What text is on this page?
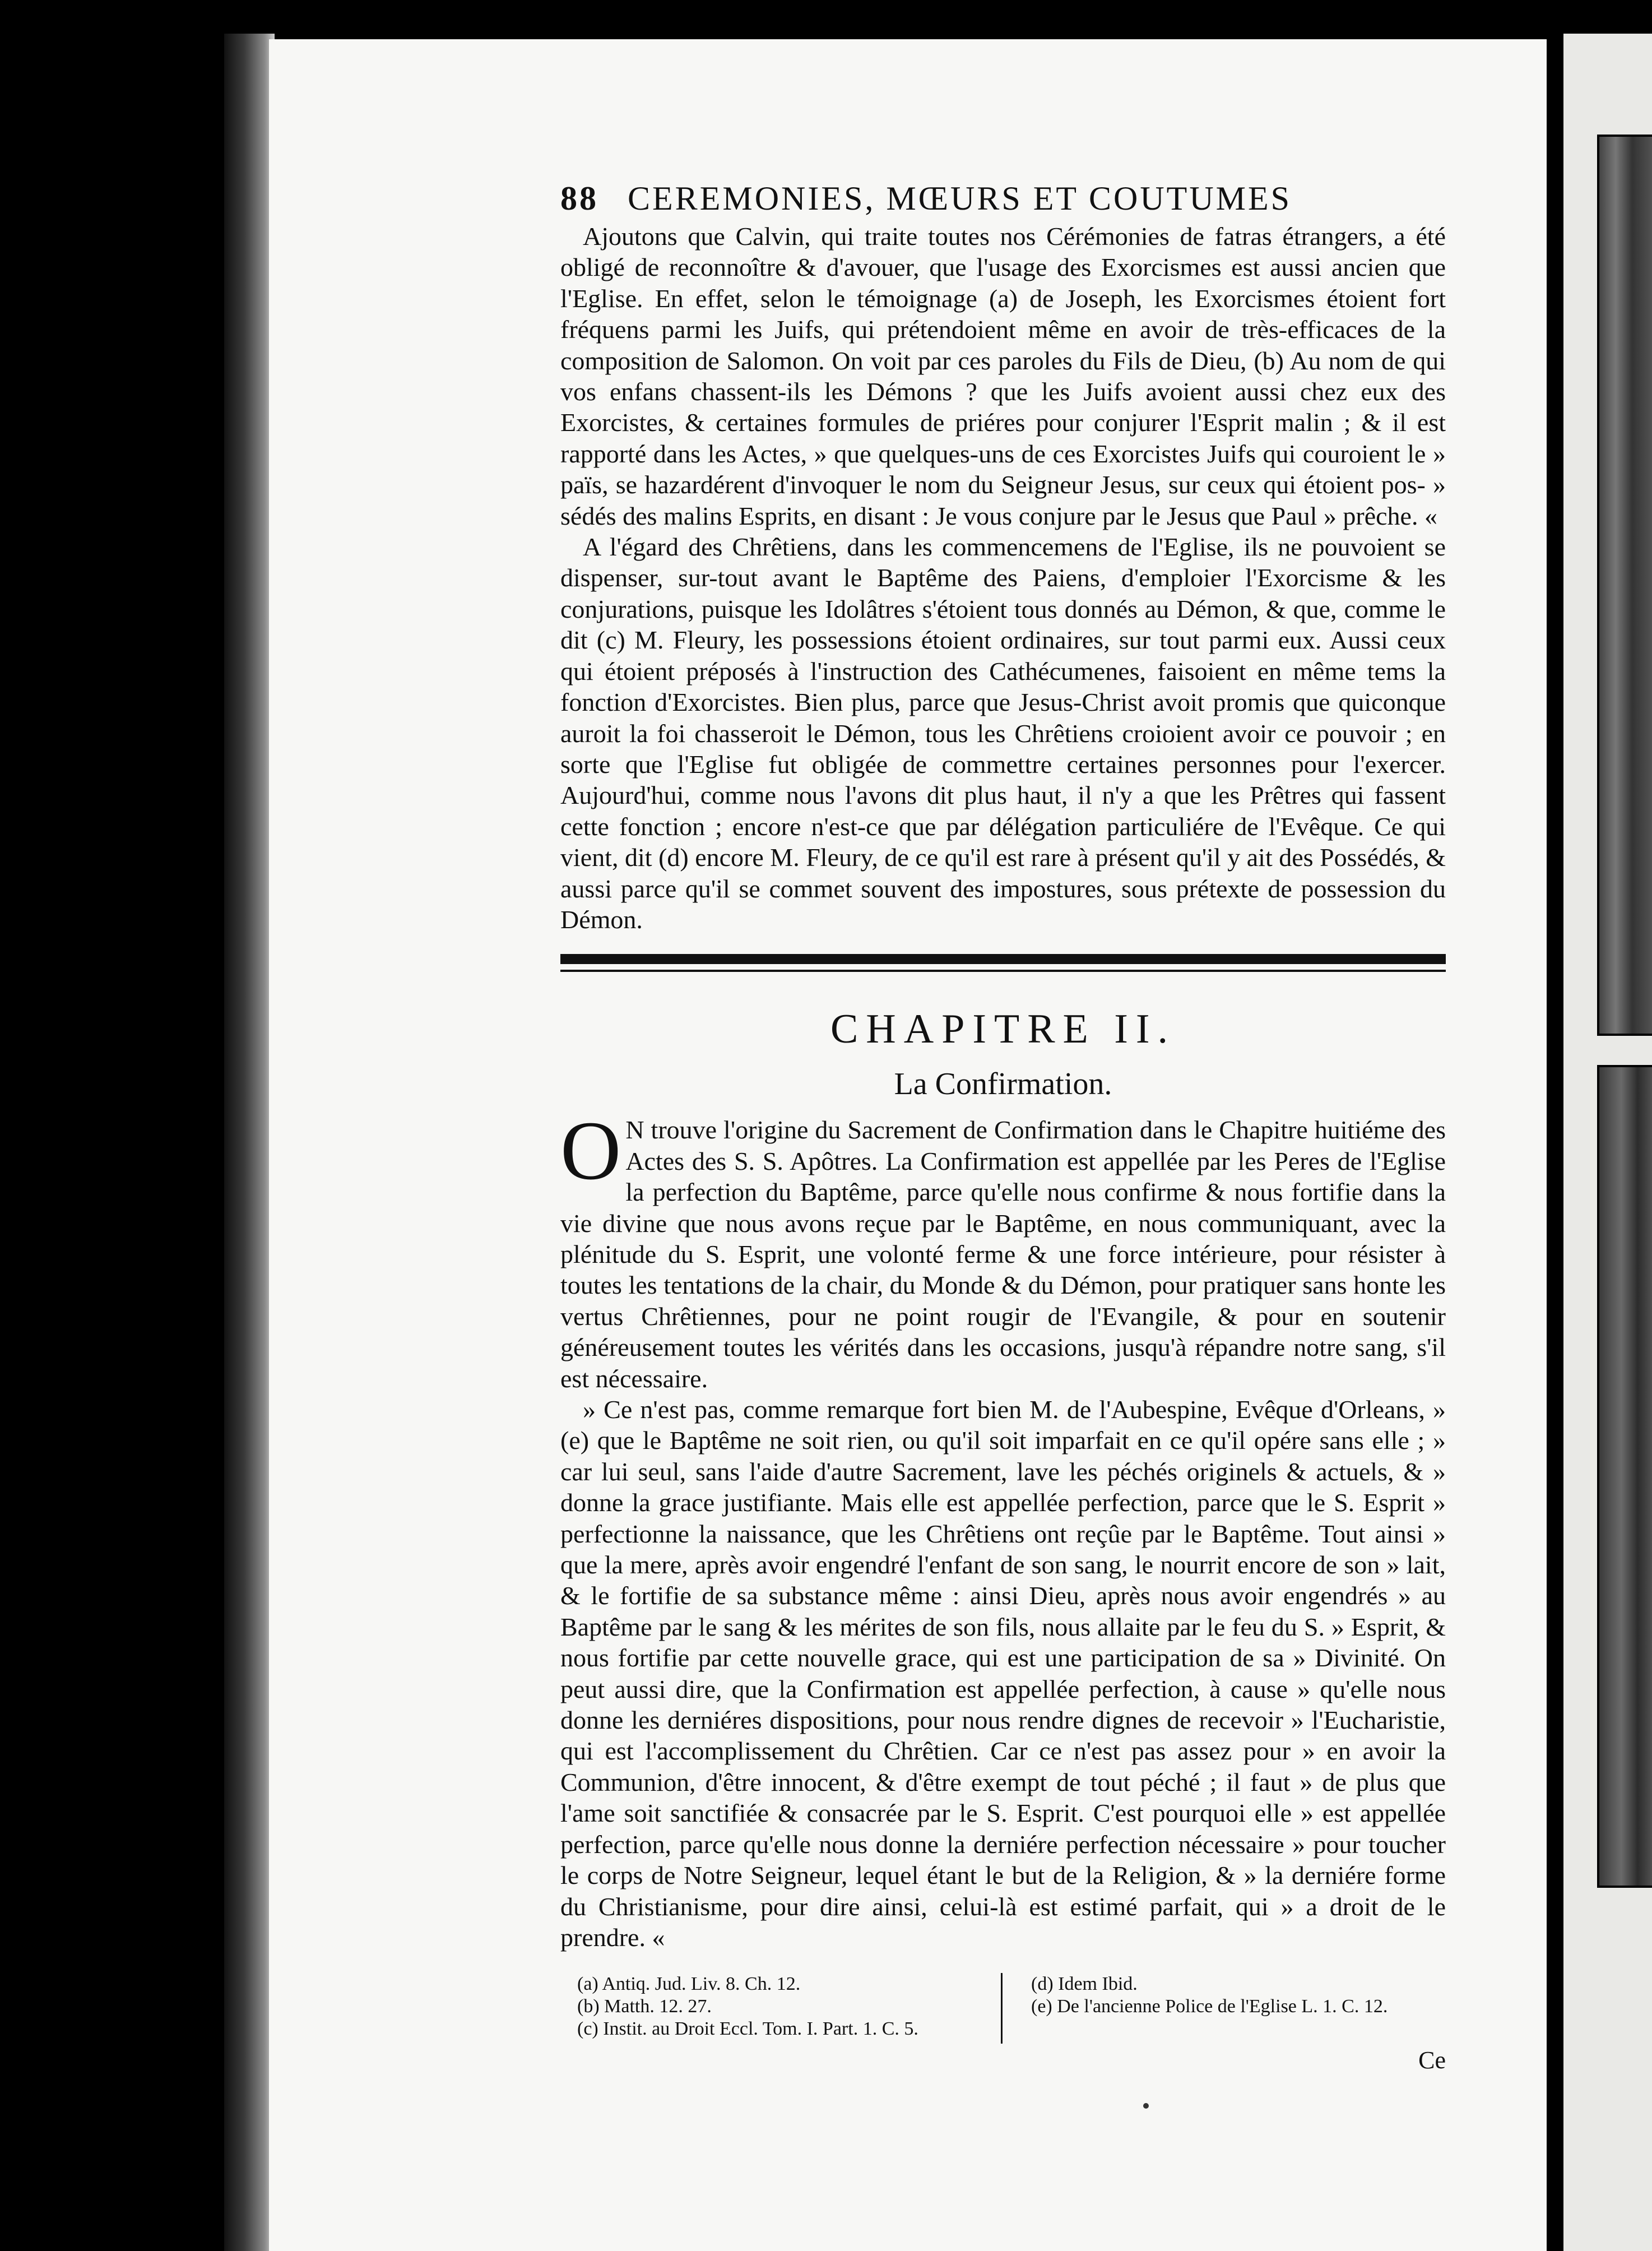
88 CEREMONIES, MŒURS ET COUTUMES

Ajoutons que Calvin, qui traite toutes nos Cérémonies de fatras étrangers, a été obligé de reconnoître & d'avouer, que l'usage des Exorcismes est aussi ancien que l'Eglise. En effet, selon le témoignage (a) de Joseph, les Exorcismes étoient fort fréquens parmi les Juifs, qui prétendoient même en avoir de très-efficaces de la composition de Salomon. On voit par ces paroles du Fils de Dieu, (b) Au nom de qui vos enfans chassent-ils les Démons ? que les Juifs avoient aussi chez eux des Exorcistes, & certaines formules de priéres pour conjurer l'Esprit malin ; & il est rapporté dans les Actes, » que quelques-uns de ces Exorcistes Juifs qui couroient le » païs, se hazardérent d'invoquer le nom du Seigneur Jesus, sur ceux qui étoient pos- » sédés des malins Esprits, en disant : Je vous conjure par le Jesus que Paul » prêche. «

A l'égard des Chrêtiens, dans les commencemens de l'Eglise, ils ne pouvoient se dispenser, sur-tout avant le Baptême des Paiens, d'emploier l'Exorcisme & les conjurations, puisque les Idolâtres s'étoient tous donnés au Démon, & que, comme le dit (c) M. Fleury, les possessions étoient ordinaires, sur tout parmi eux. Aussi ceux qui étoient préposés à l'instruction des Cathécumenes, faisoient en même tems la fonction d'Exorcistes. Bien plus, parce que Jesus-Christ avoit promis que quiconque auroit la foi chasseroit le Démon, tous les Chrêtiens croioient avoir ce pouvoir ; en sorte que l'Eglise fut obligée de commettre certaines personnes pour l'exercer. Aujourd'hui, comme nous l'avons dit plus haut, il n'y a que les Prêtres qui fassent cette fonction ; encore n'est-ce que par délégation particuliére de l'Evêque. Ce qui vient, dit (d) encore M. Fleury, de ce qu'il est rare à présent qu'il y ait des Possédés, & aussi parce qu'il se commet souvent des impostures, sous prétexte de possession du Démon.

CHAPITRE II.
La Confirmation.
O N trouve l'origine du Sacrement de Confirmation dans le Chapitre huitiéme des Actes des S. S. Apôtres. La Confirmation est appellée par les Peres de l'Eglise la perfection du Baptême, parce qu'elle nous confirme & nous fortifie dans la vie divine que nous avons reçue par le Baptême, en nous communiquant, avec la plénitude du S. Esprit, une volonté ferme & une force intérieure, pour résister à toutes les tentations de la chair, du Monde & du Démon, pour pratiquer sans honte les vertus Chrêtiennes, pour ne point rougir de l'Evangile, & pour en soutenir généreusement toutes les vérités dans les occasions, jusqu'à répandre notre sang, s'il est nécessaire.

» Ce n'est pas, comme remarque fort bien M. de l'Aubespine, Evêque d'Orleans, » (e) que le Baptême ne soit rien, ou qu'il soit imparfait en ce qu'il opére sans elle ; » car lui seul, sans l'aide d'autre Sacrement, lave les péchés originels & actuels, & » donne la grace justifiante. Mais elle est appellée perfection, parce que le S. Esprit » perfectionne la naissance, que les Chrêtiens ont reçûe par le Baptême. Tout ainsi » que la mere, après avoir engendré l'enfant de son sang, le nourrit encore de son » lait, & le fortifie de sa substance même : ainsi Dieu, après nous avoir engendrés » au Baptême par le sang & les mérites de son fils, nous allaite par le feu du S. » Esprit, & nous fortifie par cette nouvelle grace, qui est une participation de sa » Divinité. On peut aussi dire, que la Confirmation est appellée perfection, à cause » qu'elle nous donne les derniéres dispositions, pour nous rendre dignes de recevoir » l'Eucharistie, qui est l'accomplissement du Chrêtien. Car ce n'est pas assez pour » en avoir la Communion, d'être innocent, & d'être exempt de tout péché ; il faut » de plus que l'ame soit sanctifiée & consacrée par le S. Esprit. C'est pourquoi elle » est appellée perfection, parce qu'elle nous donne la derniére perfection nécessaire » pour toucher le corps de Notre Seigneur, lequel étant le but de la Religion, & » la derniére forme du Christianisme, pour dire ainsi, celui-là est estimé parfait, qui » a droit de le prendre. «

(a) Antiq. Jud. Liv. 8. Ch. 12.
(b) Matth. 12. 27.
(c) Instit. au Droit Eccl. Tom. I. Part. 1. C. 5.
(d) Idem Ibid.
(e) De l'ancienne Police de l'Eglise L. 1. C. 12.
Ce
